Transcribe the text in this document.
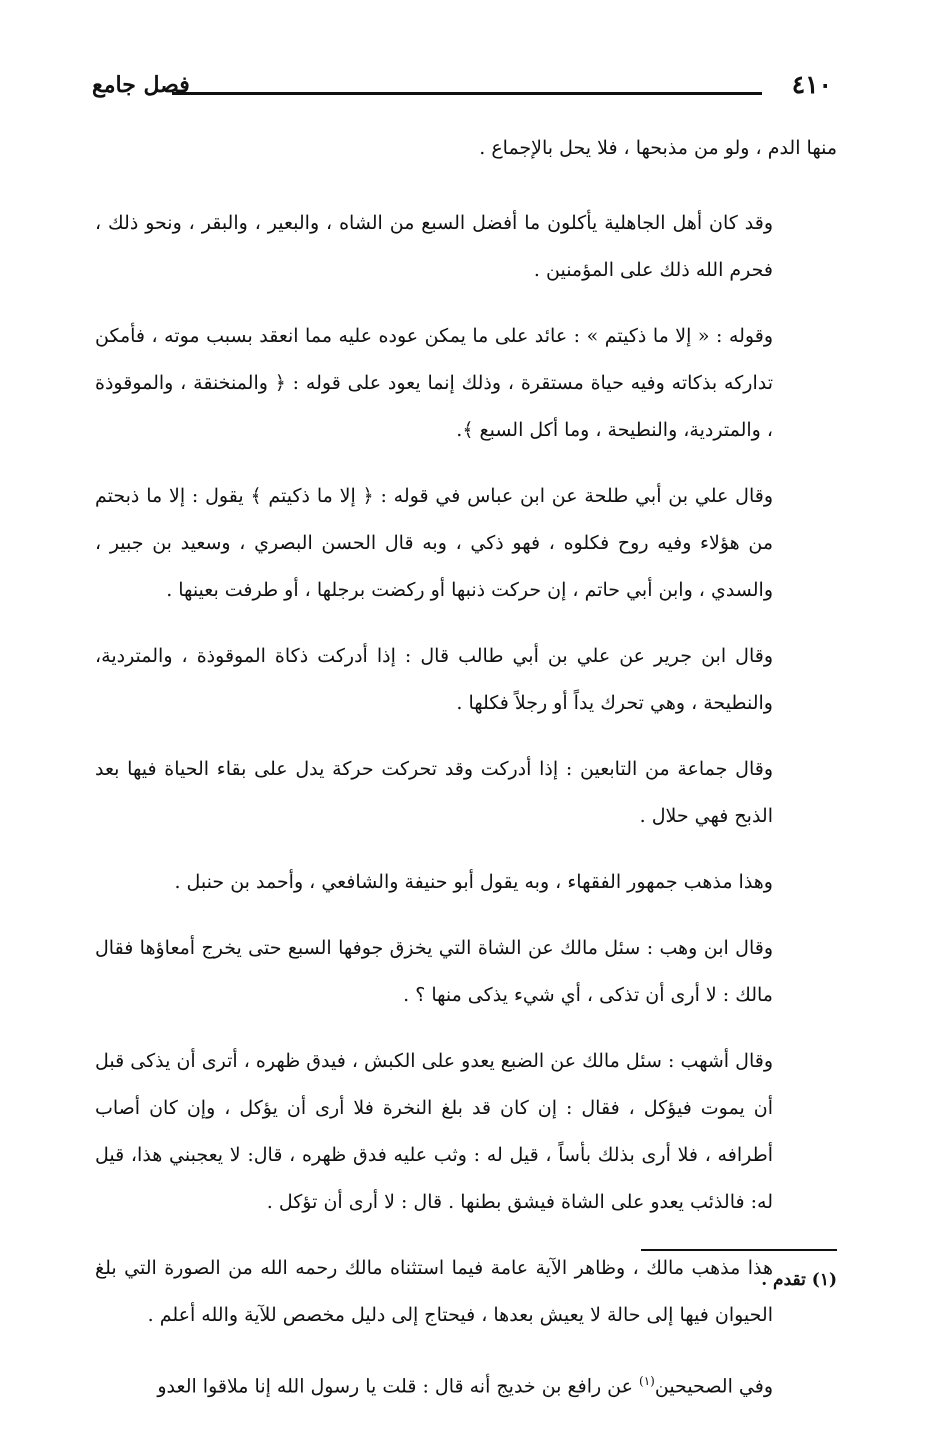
٤١٠
فصل جامع

منها الدم ، ولو من مذبحها ، فلا يحل بالإجماع .

وقد كان أهل الجاهلية يأكلون ما أفضل السبع من الشاه ، والبعير ، والبقر ، ونحو ذلك ، فحرم الله ذلك على المؤمنين .

وقوله : « إلا ما ذكيتم » : عائد على ما يمكن عوده عليه مما انعقد بسبب موته ، فأمكن تداركه بذكاته وفيه حياة مستقرة ، وذلك إنما يعود على قوله : ﴿ والمنخنقة ، والموقوذة ، والمتردية، والنطيحة ، وما أكل السبع ﴾.

وقال علي بن أبي طلحة عن ابن عباس في قوله : ﴿ إلا ما ذكيتم ﴾ يقول : إلا ما ذبحتم من هؤلاء وفيه روح فكلوه ، فهو ذكي ، وبه قال الحسن البصري ، وسعيد بن جبير ، والسدي ، وابن أبي حاتم ، إن حركت ذنبها أو ركضت برجلها ، أو طرفت بعينها .

وقال ابن جرير عن علي بن أبي طالب قال : إذا أدركت ذكاة الموقوذة ، والمتردية، والنطيحة ، وهي تحرك يداً أو رجلاً فكلها .

وقال جماعة من التابعين : إذا أدركت وقد تحركت حركة يدل على بقاء الحياة فيها بعد الذبح فهي حلال .

وهذا مذهب جمهور الفقهاء ، وبه يقول أبو حنيفة والشافعي ، وأحمد بن حنبل .

وقال ابن وهب : سئل مالك عن الشاة التي يخزق جوفها السبع حتى يخرج أمعاؤها فقال مالك : لا أرى أن تذكى ، أي شيء يذكى منها ؟ .

وقال أشهب : سئل مالك عن الضبع يعدو على الكبش ، فيدق ظهره ، أترى أن يذكى قبل أن يموت فيؤكل ، فقال : إن كان قد بلغ النخرة فلا أرى أن يؤكل ، وإن كان أصاب أطرافه ، فلا أرى بذلك بأساً ، قيل له : وثب عليه فدق ظهره ، قال: لا يعجبني هذا، قيل له: فالذئب يعدو على الشاة فيشق بطنها . قال : لا أرى أن تؤكل .

هذا مذهب مالك ، وظاهر الآية عامة فيما استثناه مالك رحمه الله من الصورة التي بلغ الحيوان فيها إلى حالة لا يعيش بعدها ، فيحتاج إلى دليل مخصص للآية والله أعلم .

وفي الصحيحين$^{(١)}$ عن رافع بن خديج أنه قال : قلت يا رسول الله إنا ملاقوا العدو

(١) تقدم .
